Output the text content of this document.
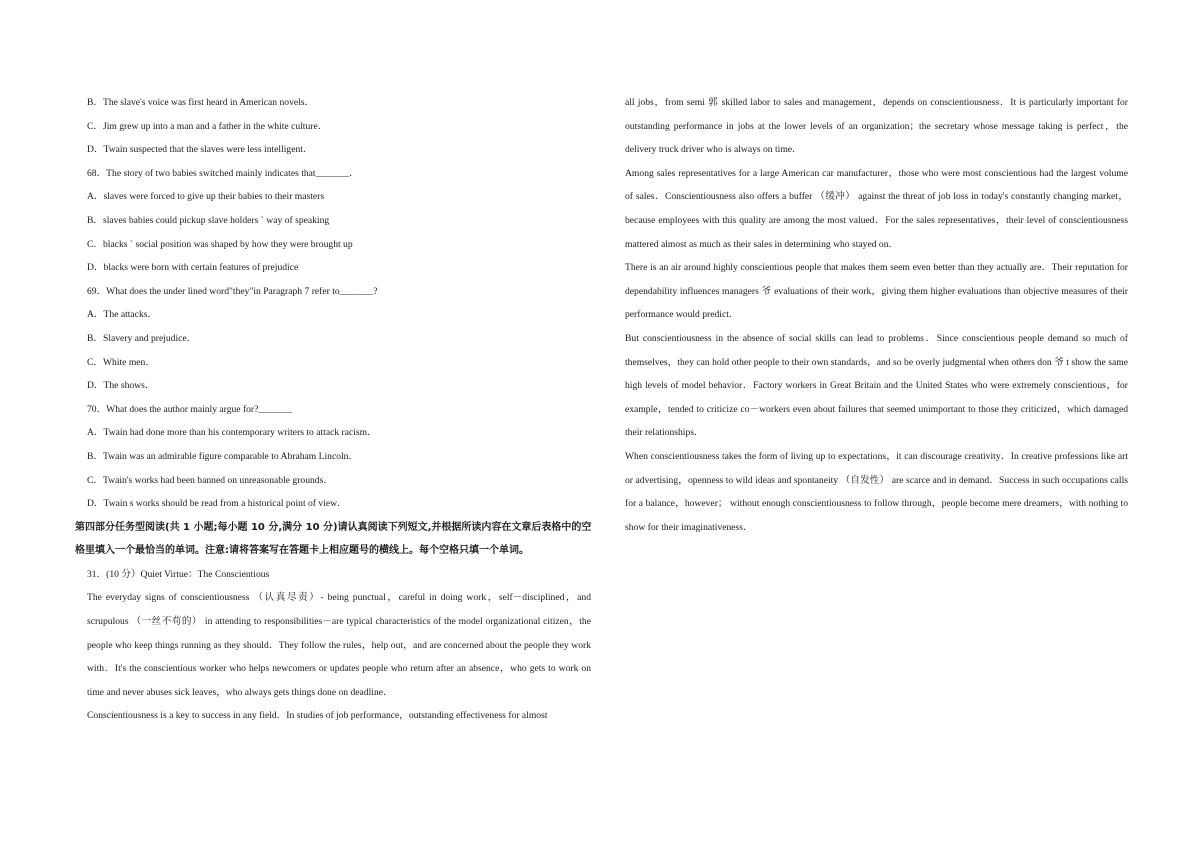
B．The slave's voice was first heard in American novels．
C．Jim grew up into a man and a father in the white culture．
D．Twain suspected that the slaves were less intelligent．
68．The story of two babies switched mainly indicates that_______．
A．slaves were forced to give up their babies to their masters
B．slaves babies could pickup slave holders ` way of speaking
C．blacks ` social position was shaped by how they were brought up
D．blacks were born with certain features of prejudice
69．What does the under lined word"they"in Paragraph 7 refer to_______?
A．The attacks．
B．Slavery and prejudice．
C．White men．
D．The shows．
70．What does the author mainly argue for?_______
A．Twain had done more than his contemporary writers to attack racism．
B．Twain was an admirable figure comparable to Abraham Lincoln．
C．Twain's works had been banned on unreasonable grounds．
D．Twain s works should be read from a historical point of view．
第四部分任务型阅读(共 1 小题;每小题 10 分,满分 10 分)请认真阅读下列短文,并根据所读内容在文章后表格中的空格里填入一个最恰当的单词。注意:请将答案写在答题卡上相应题号的横线上。每个空格只填一个单词。
31．(10 分）Quiet Virtue：The Conscientious
The everyday signs of conscientiousness （认真尽责）- being punctual，careful in doing work，self－disciplined，and scrupulous （一丝不苟的） in attending to responsibilities－are typical characteristics of the model organizational citizen，the people who keep things running as they should．They follow the rules，help out，and are concerned about the people they work with．It's the conscientious worker who helps newcomers or updates people who return after an absence，who gets to work on time and never abuses sick leaves，who always gets things done on deadline．
Conscientiousness is a key to success in any field．In studies of job performance，outstanding effectiveness for almost
all jobs，from semi 郭 skilled labor to sales and management，depends on conscientiousness．It is particularly important for outstanding performance in jobs at the lower levels of an organization；the secretary whose message taking is perfect，the delivery truck driver who is always on time．
Among sales representatives for a large American car manufacturer，those who were most conscientious had the largest volume of sales．Conscientiousness also offers a buffer （缓冲） against the threat of job loss in today's constantly changing market，because employees with this quality are among the most valued．For the sales representatives，their level of conscientiousness mattered almost as much as their sales in determining who stayed on．
There is an air around highly conscientious people that makes them seem even better than they actually are．Their reputation for dependability influences managers 爷 evaluations of their work，giving them higher evaluations than objective measures of their performance would predict．
But conscientiousness in the absence of social skills can lead to problems．Since conscientious people demand so much of themselves，they can hold other people to their own standards，and so be overly judgmental when others don 爷 t show the same high levels of model behavior．Factory workers in Great Britain and the United States who were extremely conscientious，for example，tended to criticize co－workers even about failures that seemed unimportant to those they criticized，which damaged their relationships．
When conscientiousness takes the form of living up to expectations，it can discourage creativity．In creative professions like art or advertising，openness to wild ideas and spontaneity （自发性） are scarce and in demand．Success in such occupations calls for a balance，however； without enough conscientiousness to follow through，people become mere dreamers，with nothing to show for their imaginativeness．
